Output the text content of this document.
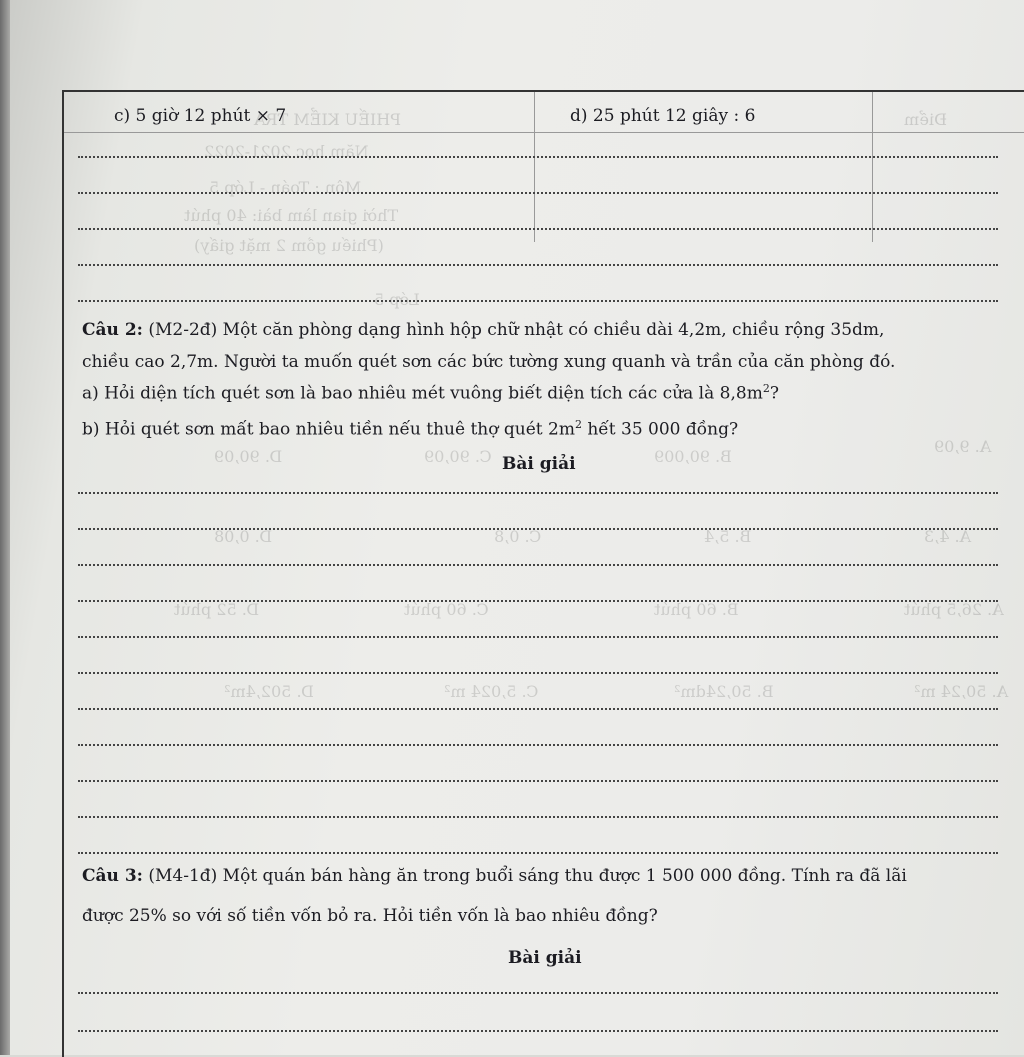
PHIẾU KIỂM TRA
Năm học 2021-2022
Môn : Toán - Lớp 5
Thời gian làm bài: 40 phút
(Phiếu gồm 2 mặt giấy)
Điểm
Lớp 5
A. 9,09
B. 90,009
C. 90,09
D. 90,09
A. 4,3
B. 5,4
C. 0,8
D. 0,08
A. 26,5 phút
B. 60 phút
C. 60 phút
D. 52 phút
A. 50,24 m²
B. 50,24dm²
C. 5,024 m²
D. 502,4m²
c) 5 giờ 12 phút × 7	d) 25 phút 12 giây : 6
Câu 2: (M2-2đ) Một căn phòng dạng hình hộp chữ nhật có chiều dài 4,2m, chiều rộng 35dm,
chiều cao 2,7m. Người ta muốn quét sơn các bức tường xung quanh và trần của căn phòng đó.
a) Hỏi diện tích quét sơn là bao nhiêu mét vuông biết diện tích các cửa là $8,8m^2$?
b) Hỏi quét sơn mất bao nhiêu tiền nếu thuê thợ quét $2m^2$ hết 35 000 đồng?
Bài giải
Câu 3: (M4-1đ) Một quán bán hàng ăn trong buổi sáng thu được 1 500 000 đồng. Tính ra đã lãi
được 25% so với số tiền vốn bỏ ra. Hỏi tiền vốn là bao nhiêu đồng?
Bài giải
